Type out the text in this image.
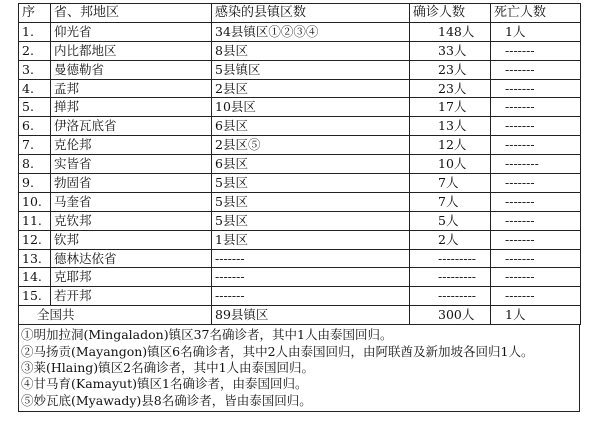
序	省、邦地区	感染的县镇区数	确诊人数	死亡人数
1.	仰光省	34县镇区①②③④	148人	1人
2.	内比都地区	8县区	33人	-------
3.	曼德勒省	5县镇区	23人	-------
4.	孟邦	2县区	23人	-------
5.	掸邦	10县区	17人	-------
6.	伊洛瓦底省	6县区	13人	-------
7.	克伦邦	2县区⑤	12人	-------
8.	实皆省	6县区	10人	--------
9.	勃固省	5县区	7人	-------
10.	马奎省	5县区	7人	-------
11.	克钦邦	5县区	5人	-------
12.	钦邦	1县区	2人	-------
13.	德林达依省	-------	---------	-------
14.	克耶邦	-------	---------	-------
15.	若开邦	-------	---------	-------
全国共		89县镇区	300人	1人
①明加拉洞(Mingaladon)镇区37名确诊者，其中1人由泰国回归。
②马扬贡(Mayangon)镇区6名确诊者，其中2人由泰国回归，由阿联酋及新加坡各回归1人。
③莱(Hlaing)镇区2名确诊者，其中1人由泰国回归。
④甘马育(Kamayut)镇区1名确诊者，由泰国回归。
⑤妙瓦底(Myawady)县8名确诊者，皆由泰国回归。
